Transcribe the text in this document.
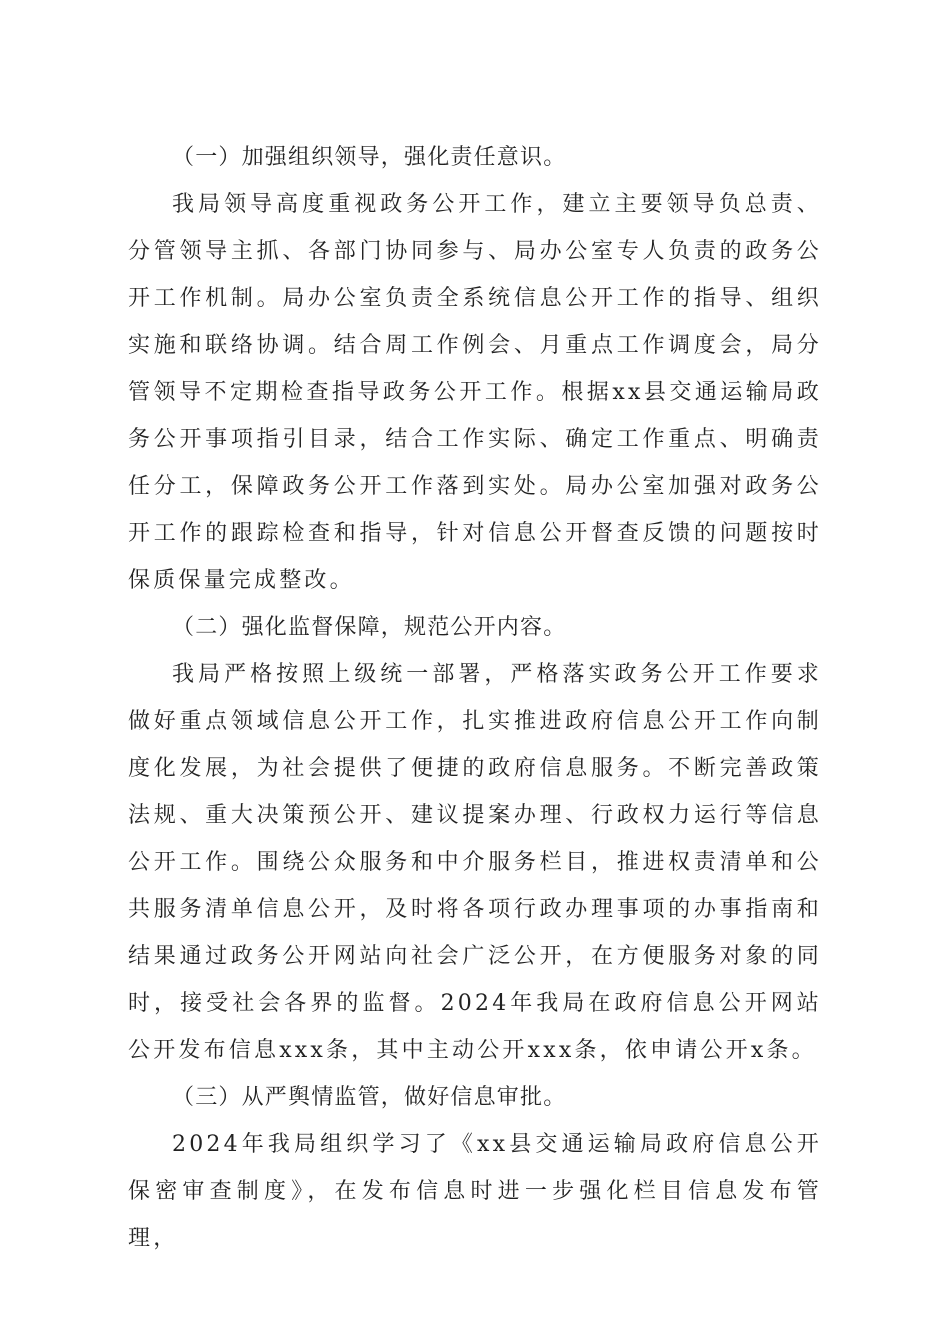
（一）加强组织领导，强化责任意识。

我局领导高度重视政务公开工作，建立主要领导负总责、分管领导主抓、各部门协同参与、局办公室专人负责的政务公开工作机制。局办公室负责全系统信息公开工作的指导、组织实施和联络协调。结合周工作例会、月重点工作调度会，局分管领导不定期检查指导政务公开工作。根据xx县交通运输局政务公开事项指引目录，结合工作实际、确定工作重点、明确责任分工，保障政务公开工作落到实处。局办公室加强对政务公开工作的跟踪检查和指导，针对信息公开督查反馈的问题按时保质保量完成整改。

（二）强化监督保障，规范公开内容。

我局严格按照上级统一部署，严格落实政务公开工作要求做好重点领域信息公开工作，扎实推进政府信息公开工作向制度化发展，为社会提供了便捷的政府信息服务。不断完善政策法规、重大决策预公开、建议提案办理、行政权力运行等信息公开工作。围绕公众服务和中介服务栏目，推进权责清单和公共服务清单信息公开，及时将各项行政办理事项的办事指南和结果通过政务公开网站向社会广泛公开，在方便服务对象的同时，接受社会各界的监督。2024年我局在政府信息公开网站公开发布信息xxx条，其中主动公开xxx条，依申请公开x条。

（三）从严舆情监管，做好信息审批。

2024年我局组织学习了《xx县交通运输局政府信息公开保密审查制度》，在发布信息时进一步强化栏目信息发布管理，
